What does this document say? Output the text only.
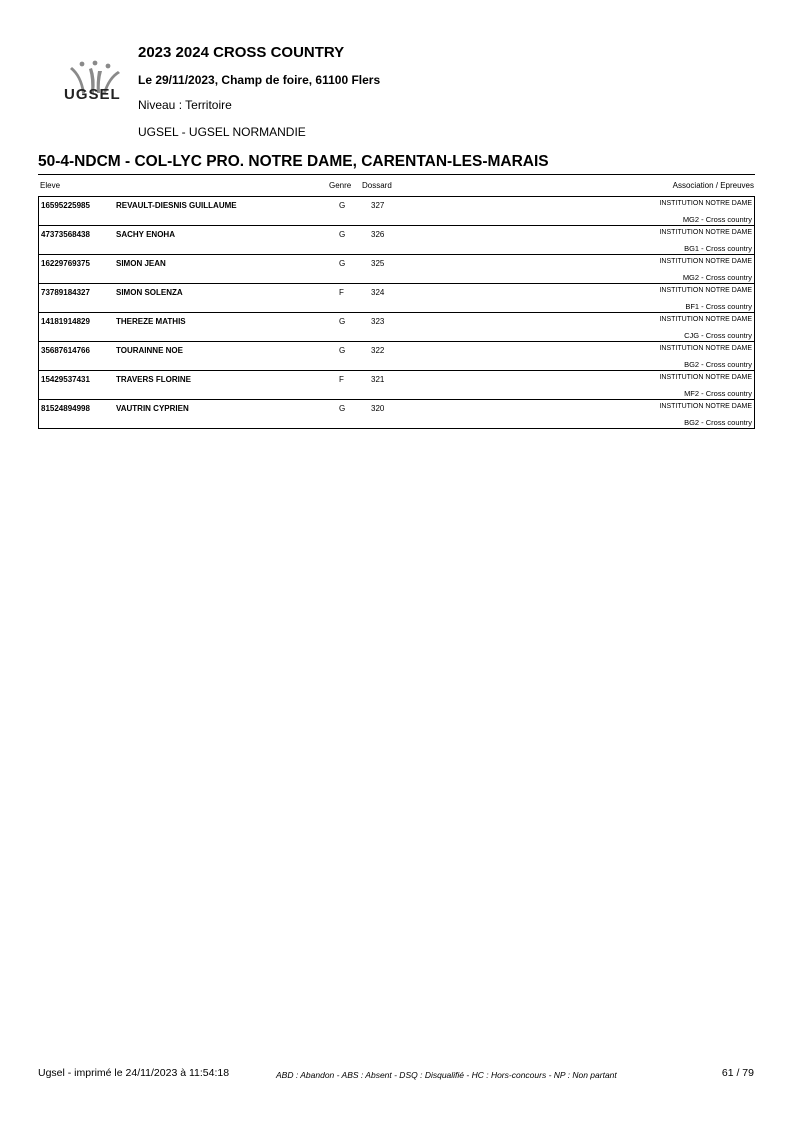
UGSEL
2023 2024 CROSS COUNTRY
Le 29/11/2023, Champ de foire, 61100 Flers
Niveau : Territoire
UGSEL - UGSEL NORMANDIE
50-4-NDCM - COL-LYC PRO. NOTRE DAME, CARENTAN-LES-MARAIS
Eleve	Genre Dossard	Association / Epreuves
16595225985	REVAULT-DIESNIS GUILLAUME	G	327	INSTITUTION NOTRE DAME
MG2 - Cross country
47373568438	SACHY ENOHA	G	326	INSTITUTION NOTRE DAME
BG1 - Cross country
16229769375	SIMON JEAN	G	325	INSTITUTION NOTRE DAME
MG2 - Cross country
73789184327	SIMON SOLENZA	F	324	INSTITUTION NOTRE DAME
BF1 - Cross country
14181914829	THEREZE MATHIS	G	323	INSTITUTION NOTRE DAME
CJG - Cross country
35687614766	TOURAINNE NOE	G	322	INSTITUTION NOTRE DAME
BG2 - Cross country
15429537431	TRAVERS FLORINE	F	321	INSTITUTION NOTRE DAME
MF2 - Cross country
81524894998	VAUTRIN CYPRIEN	G	320	INSTITUTION NOTRE DAME
BG2 - Cross country
Ugsel - imprimé le 24/11/2023 à 11:54:18	ABD : Abandon - ABS : Absent - DSQ : Disqualifié - HC : Hors-concours - NP : Non partant	61 / 79
